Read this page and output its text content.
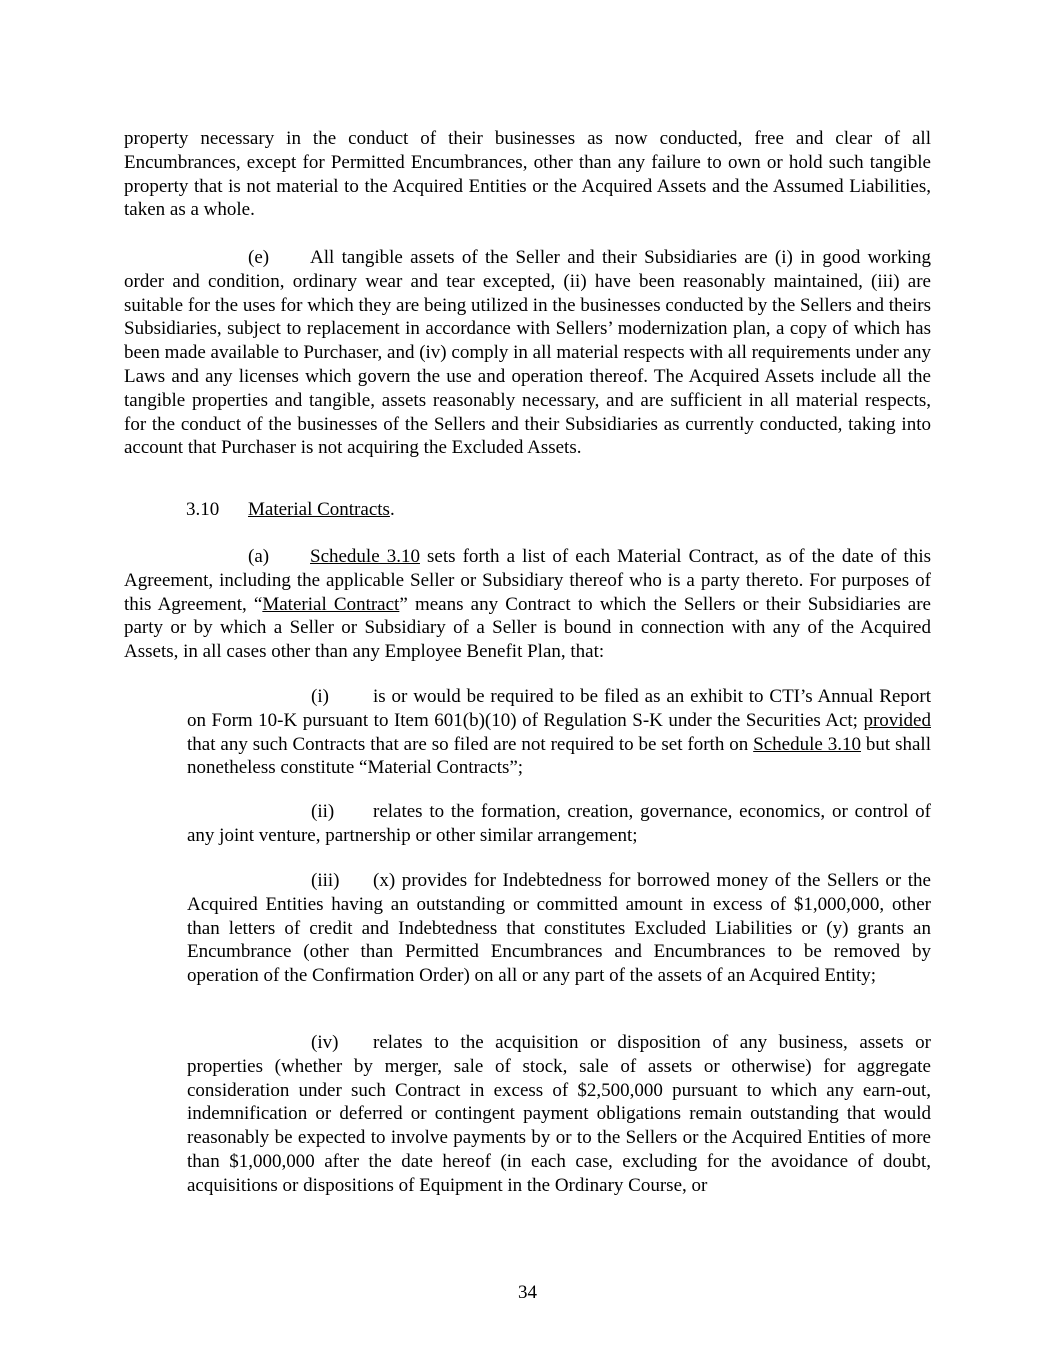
property necessary in the conduct of their businesses as now conducted, free and clear of all Encumbrances, except for Permitted Encumbrances, other than any failure to own or hold such tangible property that is not material to the Acquired Entities or the Acquired Assets and the Assumed Liabilities, taken as a whole.

(e) All tangible assets of the Seller and their Subsidiaries are (i) in good working order and condition, ordinary wear and tear excepted, (ii) have been reasonably maintained, (iii) are suitable for the uses for which they are being utilized in the businesses conducted by the Sellers and theirs Subsidiaries, subject to replacement in accordance with Sellers’ modernization plan, a copy of which has been made available to Purchaser, and (iv) comply in all material respects with all requirements under any Laws and any licenses which govern the use and operation thereof. The Acquired Assets include all the tangible properties and tangible, assets reasonably necessary, and are sufficient in all material respects, for the conduct of the businesses of the Sellers and their Subsidiaries as currently conducted, taking into account that Purchaser is not acquiring the Excluded Assets.

3.10 Material Contracts.

(a) Schedule 3.10 sets forth a list of each Material Contract, as of the date of this Agreement, including the applicable Seller or Subsidiary thereof who is a party thereto. For purposes of this Agreement, “Material Contract” means any Contract to which the Sellers or their Subsidiaries are party or by which a Seller or Subsidiary of a Seller is bound in connection with any of the Acquired Assets, in all cases other than any Employee Benefit Plan, that:

(i) is or would be required to be filed as an exhibit to CTI’s Annual Report on Form 10-K pursuant to Item 601(b)(10) of Regulation S-K under the Securities Act; provided that any such Contracts that are so filed are not required to be set forth on Schedule 3.10 but shall nonetheless constitute “Material Contracts”;

(ii) relates to the formation, creation, governance, economics, or control of any joint venture, partnership or other similar arrangement;

(iii) (x) provides for Indebtedness for borrowed money of the Sellers or the Acquired Entities having an outstanding or committed amount in excess of $1,000,000, other than letters of credit and Indebtedness that constitutes Excluded Liabilities or (y) grants an Encumbrance (other than Permitted Encumbrances and Encumbrances to be removed by operation of the Confirmation Order) on all or any part of the assets of an Acquired Entity;

(iv) relates to the acquisition or disposition of any business, assets or properties (whether by merger, sale of stock, sale of assets or otherwise) for aggregate consideration under such Contract in excess of $2,500,000 pursuant to which any earn-out, indemnification or deferred or contingent payment obligations remain outstanding that would reasonably be expected to involve payments by or to the Sellers or the Acquired Entities of more than $1,000,000 after the date hereof (in each case, excluding for the avoidance of doubt, acquisitions or dispositions of Equipment in the Ordinary Course, or

34
